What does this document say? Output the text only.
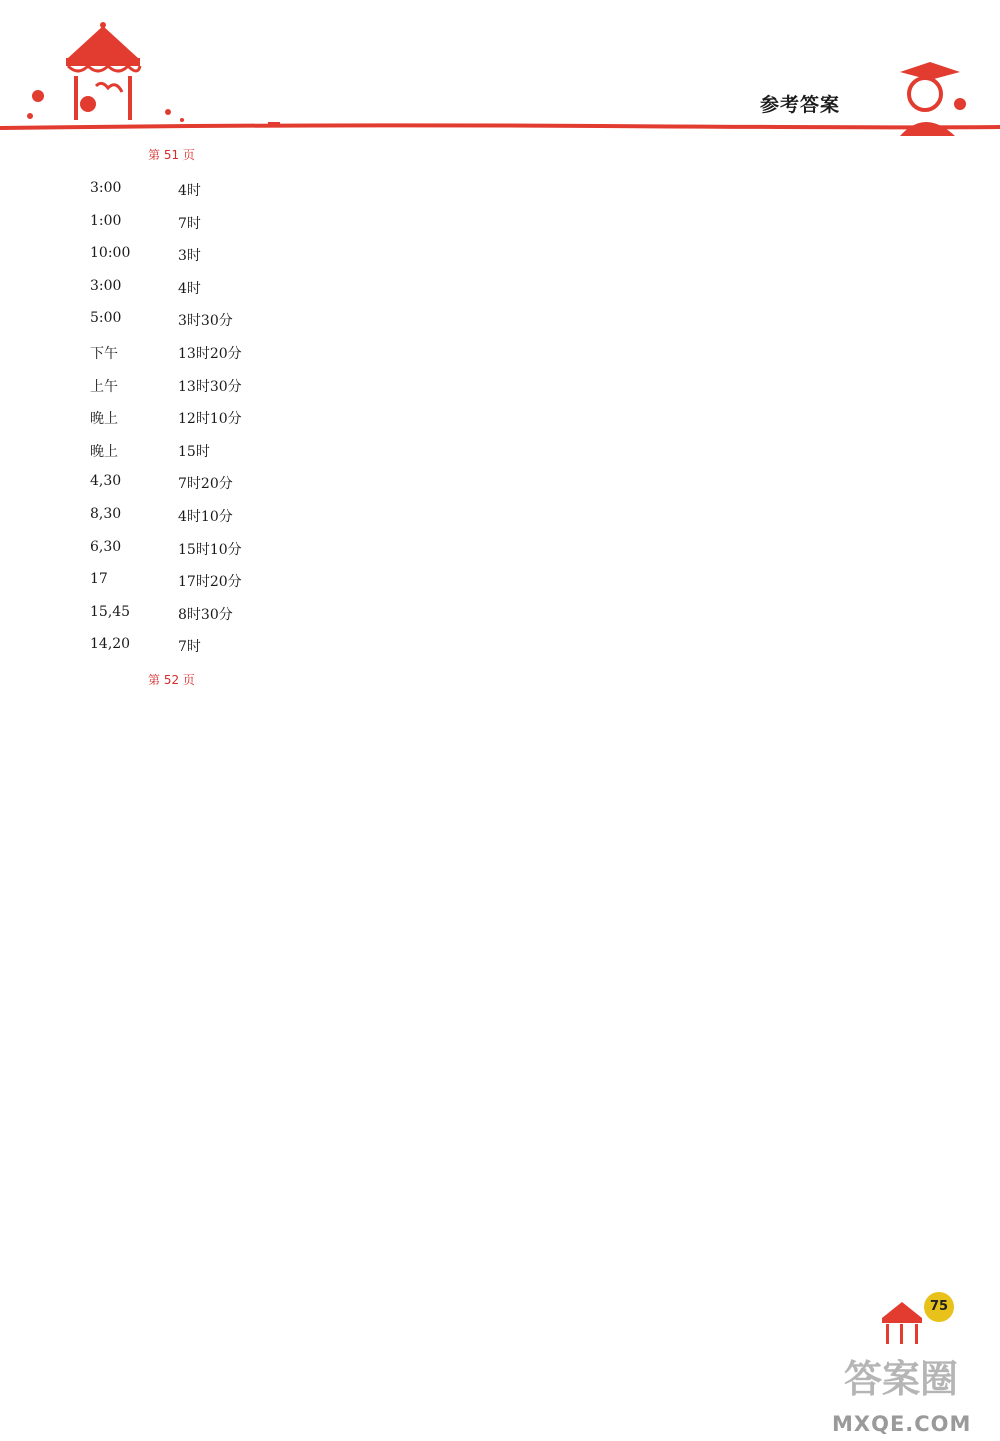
参考答案
第 51 页
3:00	4时
1:00	7时
10:00	3时
3:00	4时
5:00	3时30分
下午	13时20分
上午	13时30分
晚上	12时10分
晚上	15时
4,30	7时20分
8,30	4时10分
6,30	15时10分
17	17时20分
15,45	8时30分
14,20	7时
第 52 页
75
答案圈
MXQE.COM
